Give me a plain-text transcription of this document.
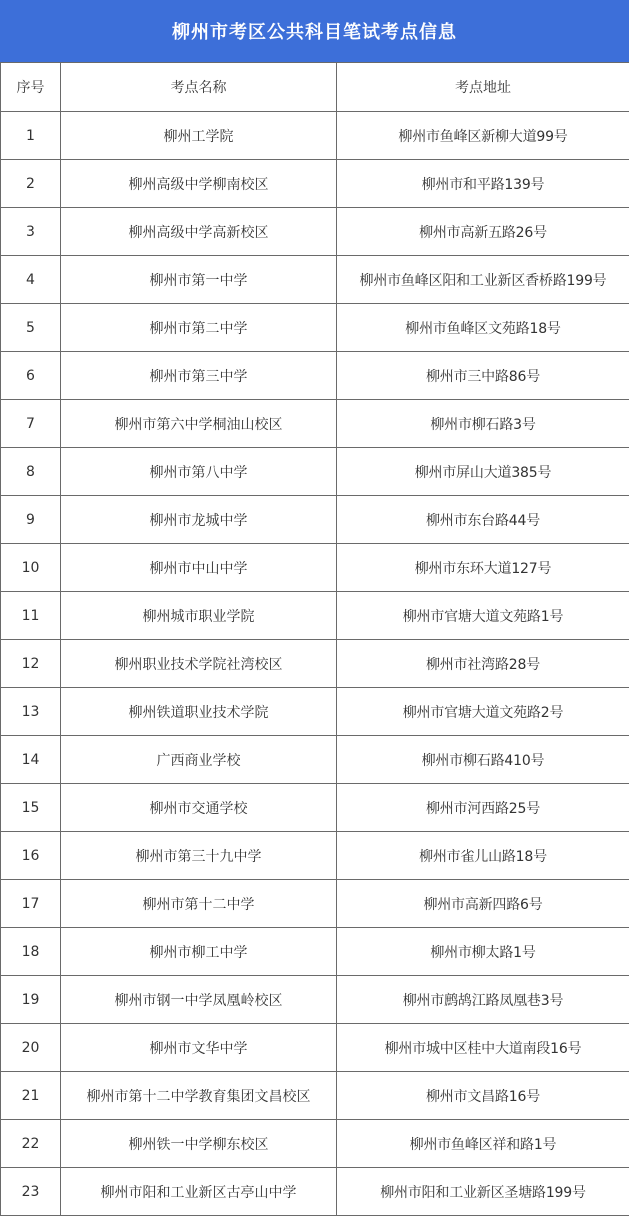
柳州市考区公共科目笔试考点信息
序号	考点名称	考点地址
1	柳州工学院	柳州市鱼峰区新柳大道99号
2	柳州高级中学柳南校区	柳州市和平路139号
3	柳州高级中学高新校区	柳州市高新五路26号
4	柳州市第一中学	柳州市鱼峰区阳和工业新区香桥路199号
5	柳州市第二中学	柳州市鱼峰区文苑路18号
6	柳州市第三中学	柳州市三中路86号
7	柳州市第六中学桐油山校区	柳州市柳石路3号
8	柳州市第八中学	柳州市屏山大道385号
9	柳州市龙城中学	柳州市东台路44号
10	柳州市中山中学	柳州市东环大道127号
11	柳州城市职业学院	柳州市官塘大道文苑路1号
12	柳州职业技术学院社湾校区	柳州市社湾路28号
13	柳州铁道职业技术学院	柳州市官塘大道文苑路2号
14	广西商业学校	柳州市柳石路410号
15	柳州市交通学校	柳州市河西路25号
16	柳州市第三十九中学	柳州市雀儿山路18号
17	柳州市第十二中学	柳州市高新四路6号
18	柳州市柳工中学	柳州市柳太路1号
19	柳州市钢一中学凤凰岭校区	柳州市鹧鸪江路凤凰巷3号
20	柳州市文华中学	柳州市城中区桂中大道南段16号
21	柳州市第十二中学教育集团文昌校区	柳州市文昌路16号
22	柳州铁一中学柳东校区	柳州市鱼峰区祥和路1号
23	柳州市阳和工业新区古亭山中学	柳州市阳和工业新区圣塘路199号
